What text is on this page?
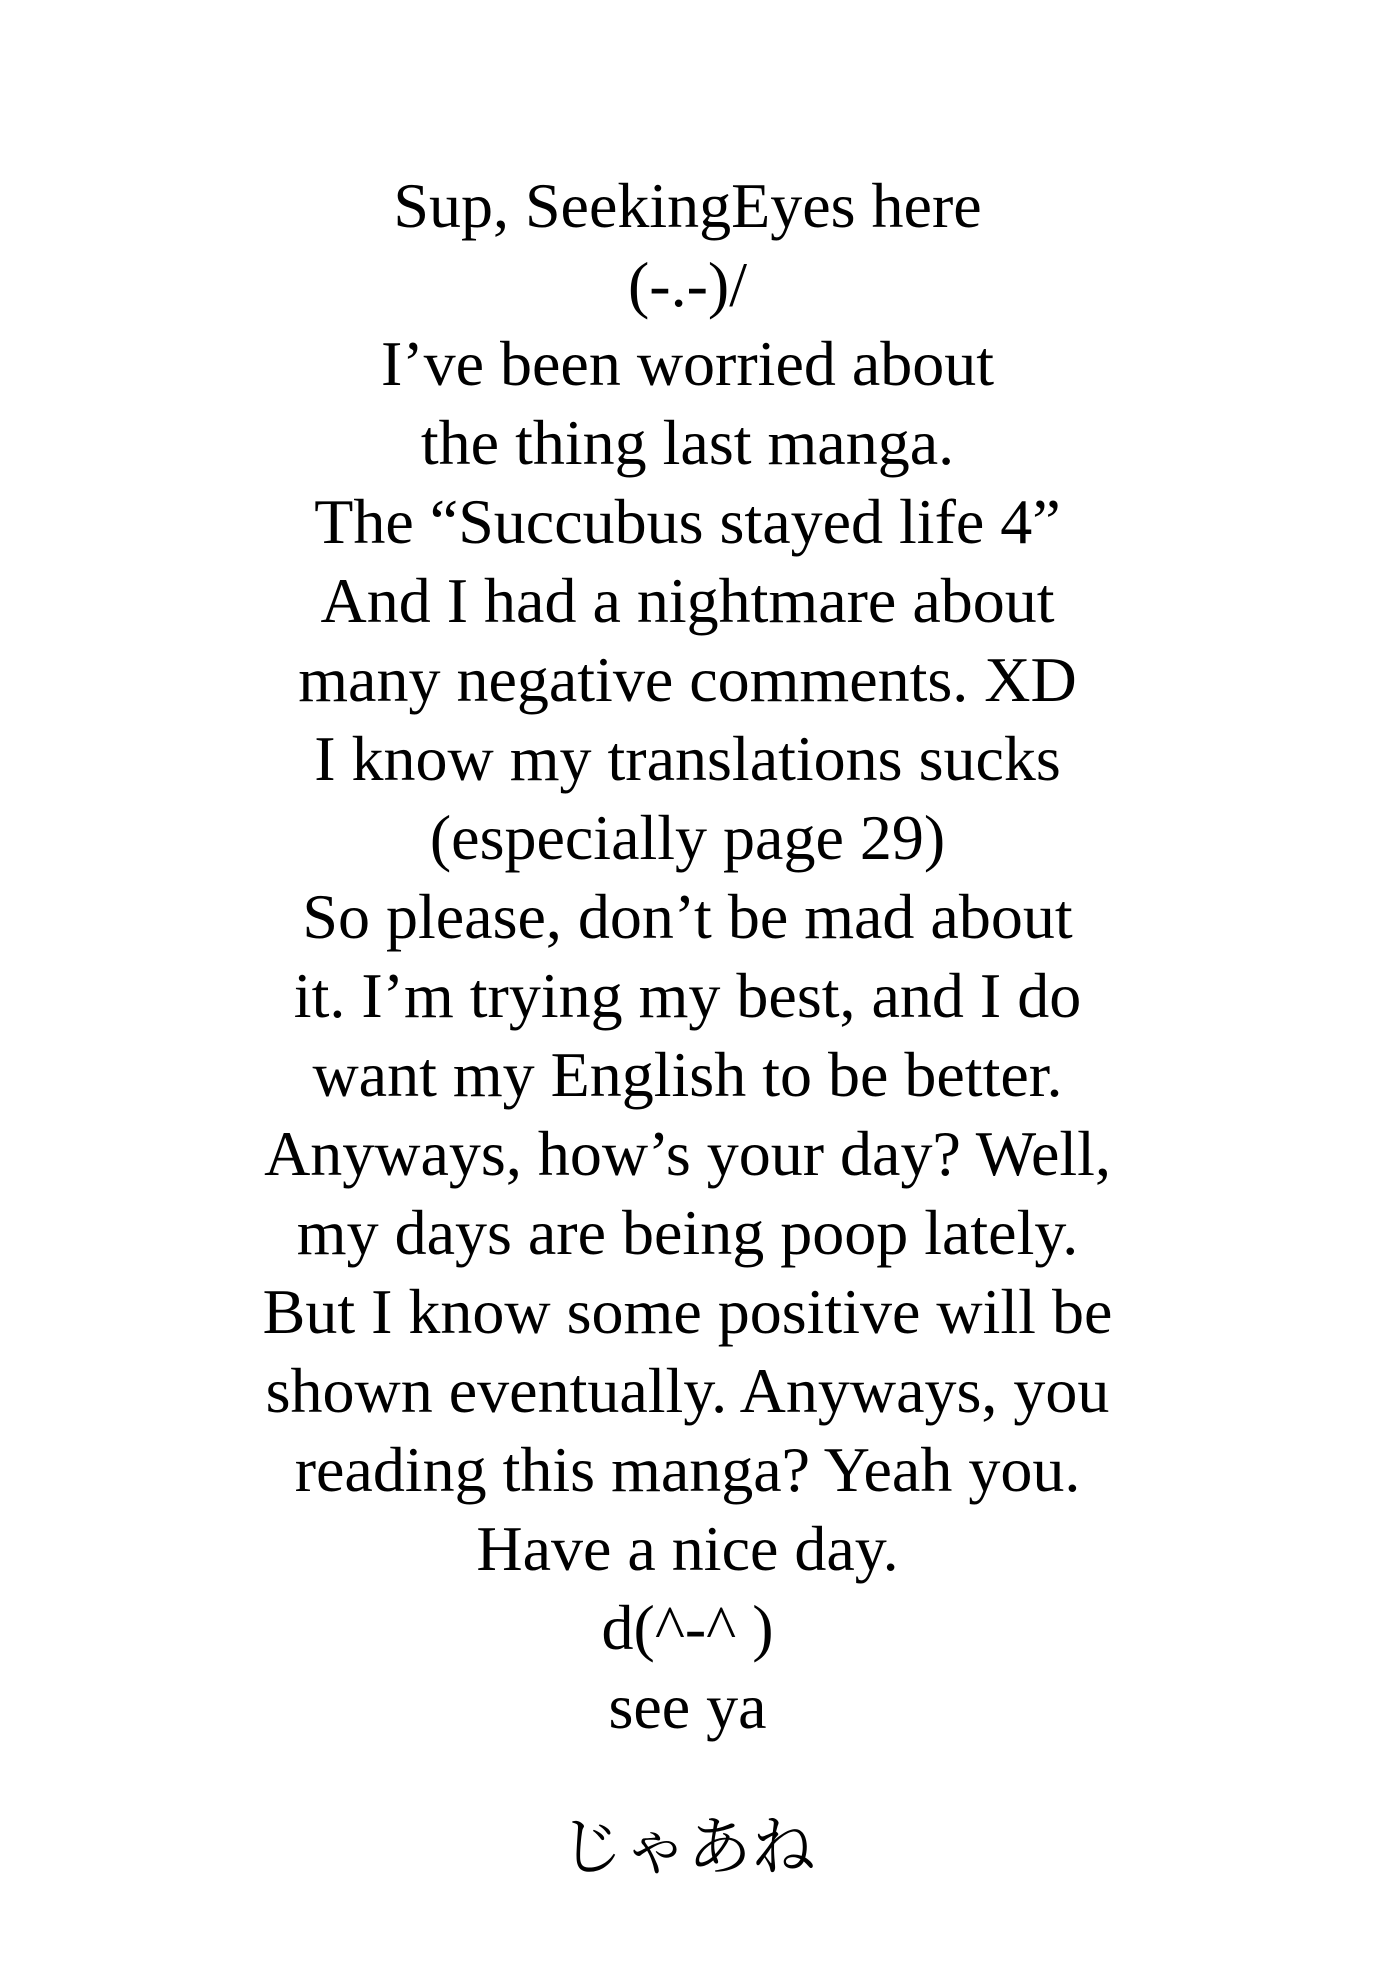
Sup, SeekingEyes here
(-.-)/
I’ve been worried about
the thing last manga.
The “Succubus stayed life 4”
And I had a nightmare about
many negative comments. XD
I know my translations sucks
(especially page 29)
So please, don’t be mad about
it. I’m trying my best, and I do
want my English to be better.
Anyways, how’s your day? Well,
my days are being poop lately.
But I know some positive will be
shown eventually. Anyways, you
reading this manga? Yeah you.
Have a nice day.
d(^-^ )
see ya
じゃあね
